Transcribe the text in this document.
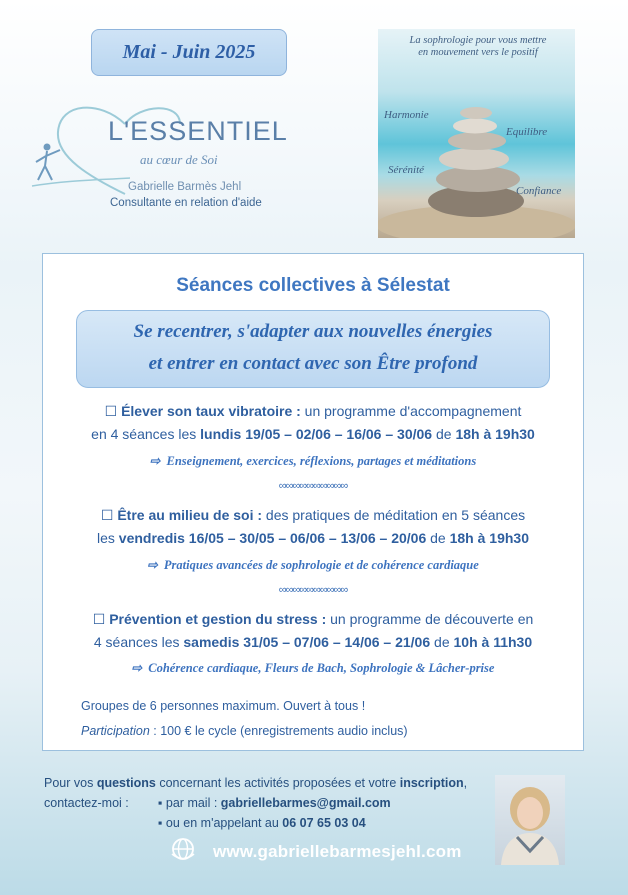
Mai - Juin 2025
L'ESSENTIEL
au cœur de Soi
Gabrielle Barmès Jehl
Consultante en relation d'aide
La sophrologie pour vous mettre en mouvement vers le positif
Harmonie
Equilibre
Sérénité
Confiance
Séances collectives à Sélestat
Se recentrer, s'adapter aux nouvelles énergies
et entrer en contact avec son Être profond
☐ Élever son taux vibratoire : un programme d'accompagnement
en 4 séances les lundis 19/05 – 02/06 – 16/06 – 30/06 de 18h à 19h30
⇨ Enseignement, exercices, réflexions, partages et méditations
∞∞∞∞∞∞∞∞∞∞
☐ Être au milieu de soi : des pratiques de méditation en 5 séances
les vendredis 16/05 – 30/05 – 06/06 – 13/06 – 20/06 de 18h à 19h30
⇨ Pratiques avancées de sophrologie et de cohérence cardiaque
∞∞∞∞∞∞∞∞∞∞
☐ Prévention et gestion du stress : un programme de découverte en
4 séances les samedis 31/05 – 07/06 – 14/06 – 21/06 de 10h à 11h30
⇨ Cohérence cardiaque, Fleurs de Bach, Sophrologie & Lâcher-prise
Groupes de 6 personnes maximum. Ouvert à tous !
Participation : 100 € le cycle (enregistrements audio inclus)
Pour vos questions concernant les activités proposées et votre inscription,
contactez-moi : ▪ par mail : gabriellebarmes@gmail.com
▪ ou en m'appelant au 06 07 65 03 04
www.gabriellebarmesjehl.com
